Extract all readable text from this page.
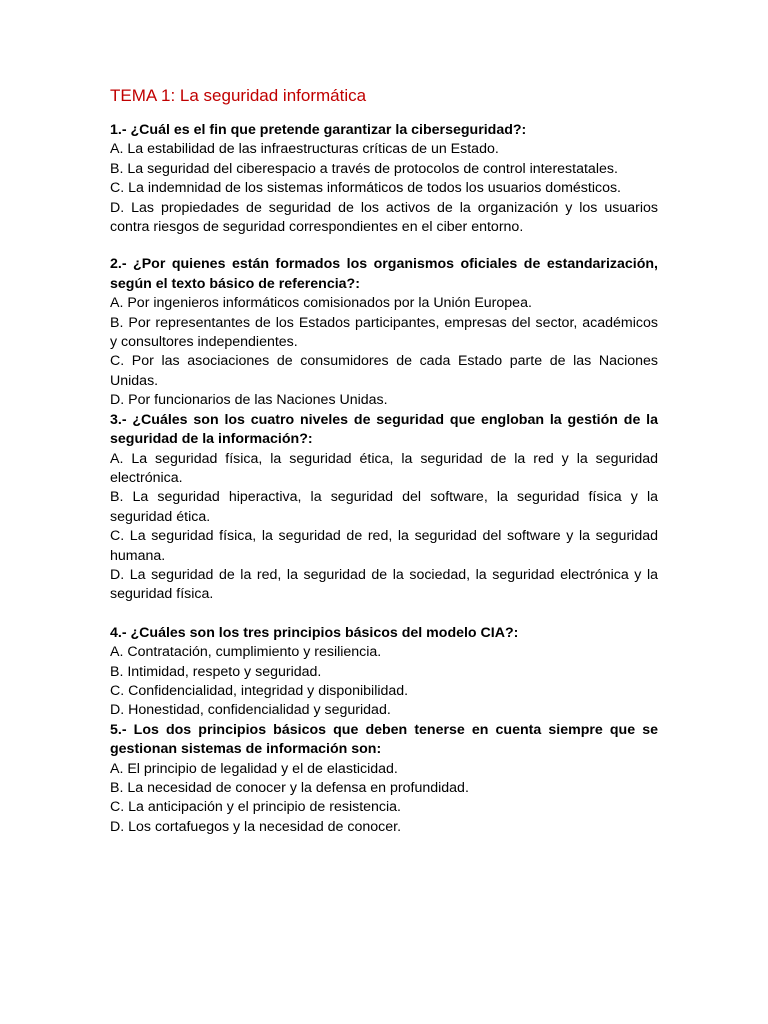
TEMA 1: La seguridad informática
1.- ¿Cuál es el fin que pretende garantizar la ciberseguridad?:
A. La estabilidad de las infraestructuras críticas de un Estado.
B. La seguridad del ciberespacio a través de protocolos de control interestatales.
C. La indemnidad de los sistemas informáticos de todos los usuarios domésticos.
D. Las propiedades de seguridad de los activos de la organización y los usuarios contra riesgos de seguridad correspondientes en el ciber entorno.
2.- ¿Por quienes están formados los organismos oficiales de estandarización, según el texto básico de referencia?:
A. Por ingenieros informáticos comisionados por la Unión Europea.
B. Por representantes de los Estados participantes, empresas del sector, académicos y consultores independientes.
C. Por las asociaciones de consumidores de cada Estado parte de las Naciones Unidas.
D. Por funcionarios de las Naciones Unidas.
3.- ¿Cuáles son los cuatro niveles de seguridad que engloban la gestión de la seguridad de la información?:
A. La seguridad física, la seguridad ética, la seguridad de la red y la seguridad electrónica.
B. La seguridad hiperactiva, la seguridad del software, la seguridad física y la seguridad ética.
C. La seguridad física, la seguridad de red, la seguridad del software y la seguridad humana.
D. La seguridad de la red, la seguridad de la sociedad, la seguridad electrónica y la seguridad física.
4.- ¿Cuáles son los tres principios básicos del modelo CIA?:
A. Contratación, cumplimiento y resiliencia.
B. Intimidad, respeto y seguridad.
C. Confidencialidad, integridad y disponibilidad.
D. Honestidad, confidencialidad y seguridad.
5.- Los dos principios básicos que deben tenerse en cuenta siempre que se gestionan sistemas de información son:
A. El principio de legalidad y el de elasticidad.
B. La necesidad de conocer y la defensa en profundidad.
C. La anticipación y el principio de resistencia.
D. Los cortafuegos y la necesidad de conocer.
